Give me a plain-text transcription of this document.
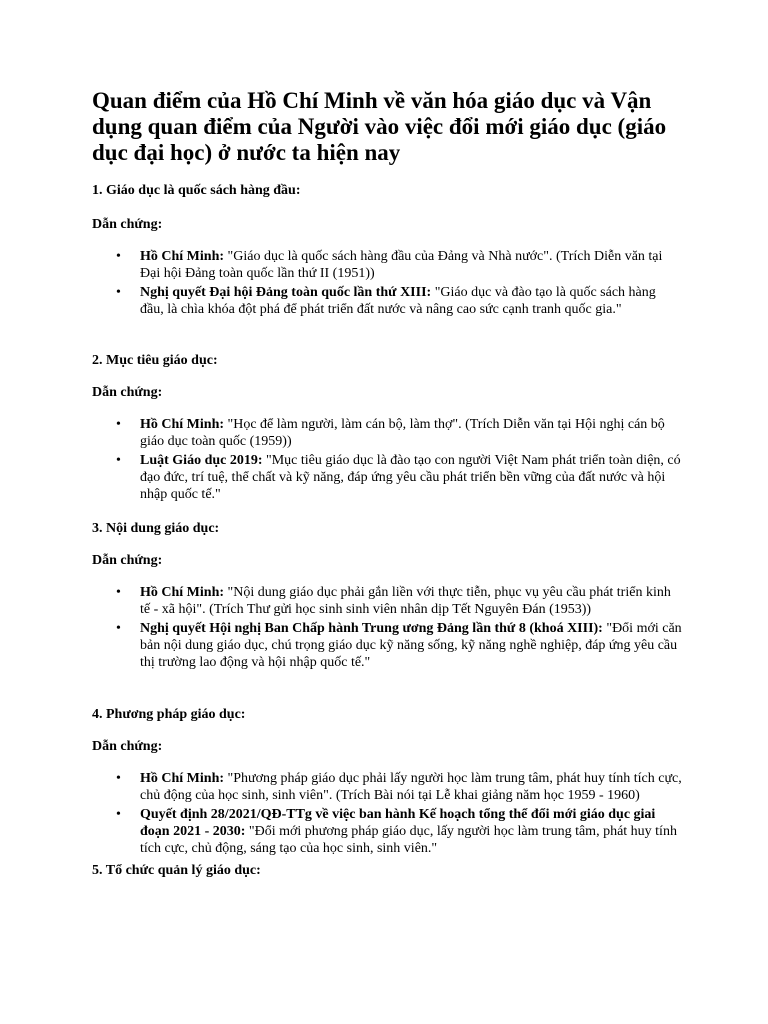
Quan điểm của Hồ Chí Minh về văn hóa giáo dục và Vận dụng quan điểm của Người vào việc đổi mới giáo dục (giáo dục đại học) ở nước ta hiện nay
1. Giáo dục là quốc sách hàng đầu:
Dẫn chứng:
• Hồ Chí Minh: "Giáo dục là quốc sách hàng đầu của Đảng và Nhà nước". (Trích Diễn văn tại Đại hội Đảng toàn quốc lần thứ II (1951))
• Nghị quyết Đại hội Đảng toàn quốc lần thứ XIII: "Giáo dục và đào tạo là quốc sách hàng đầu, là chìa khóa đột phá để phát triển đất nước và nâng cao sức cạnh tranh quốc gia."
2. Mục tiêu giáo dục:
Dẫn chứng:
• Hồ Chí Minh: "Học để làm người, làm cán bộ, làm thợ". (Trích Diễn văn tại Hội nghị cán bộ giáo dục toàn quốc (1959))
• Luật Giáo dục 2019: "Mục tiêu giáo dục là đào tạo con người Việt Nam phát triển toàn diện, có đạo đức, trí tuệ, thể chất và kỹ năng, đáp ứng yêu cầu phát triển bền vững của đất nước và hội nhập quốc tế."
3. Nội dung giáo dục:
Dẫn chứng:
• Hồ Chí Minh: "Nội dung giáo dục phải gắn liền với thực tiễn, phục vụ yêu cầu phát triển kinh tế - xã hội". (Trích Thư gửi học sinh sinh viên nhân dịp Tết Nguyên Đán (1953))
• Nghị quyết Hội nghị Ban Chấp hành Trung ương Đảng lần thứ 8 (khoá XIII): "Đổi mới căn bản nội dung giáo dục, chú trọng giáo dục kỹ năng sống, kỹ năng nghề nghiệp, đáp ứng yêu cầu thị trường lao động và hội nhập quốc tế."
4. Phương pháp giáo dục:
Dẫn chứng:
• Hồ Chí Minh: "Phương pháp giáo dục phải lấy người học làm trung tâm, phát huy tính tích cực, chủ động của học sinh, sinh viên". (Trích Bài nói tại Lễ khai giảng năm học 1959 - 1960)
• Quyết định 28/2021/QĐ-TTg về việc ban hành Kế hoạch tổng thể đổi mới giáo dục giai đoạn 2021 - 2030: "Đổi mới phương pháp giáo dục, lấy người học làm trung tâm, phát huy tính tích cực, chủ động, sáng tạo của học sinh, sinh viên."
5. Tổ chức quản lý giáo dục:
